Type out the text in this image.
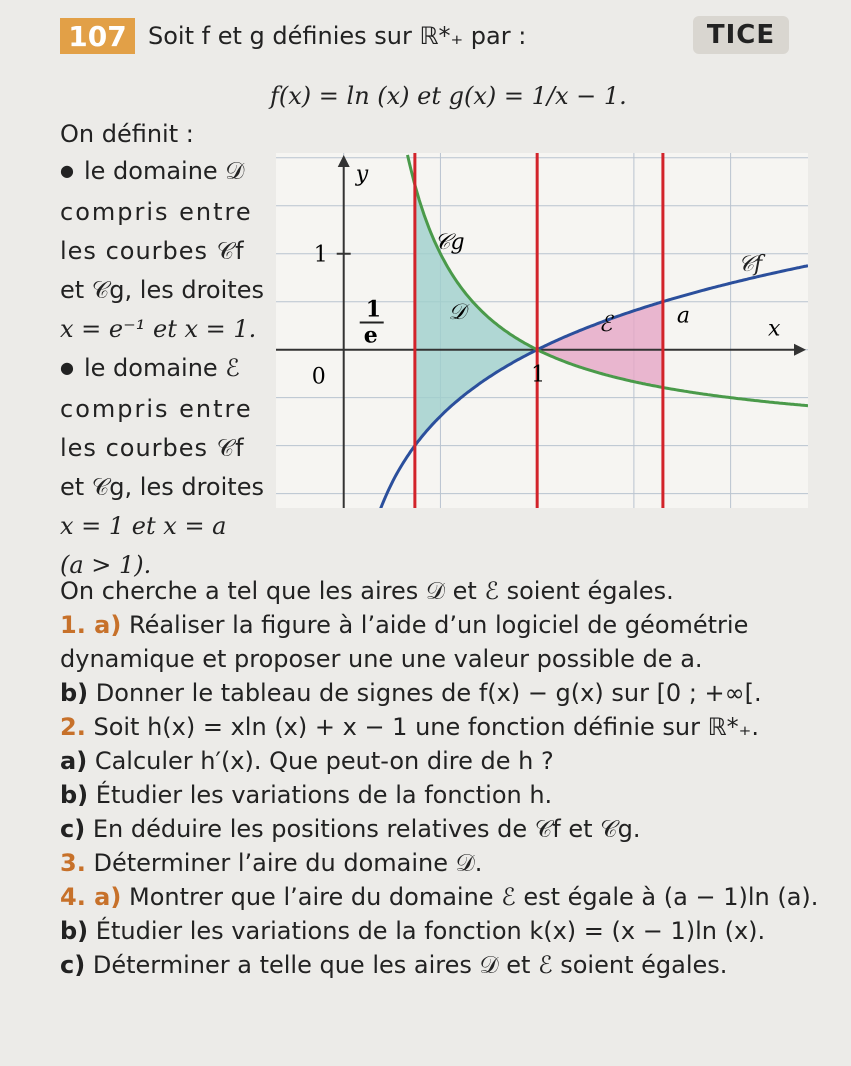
107 Soit f et g définies sur ℝ*₊ par :	TICE
f(x) = ln (x) et g(x) = 1/x − 1.
On définit :
● le domaine 𝒟
compris entre
les courbes 𝒞f
et 𝒞g, les droites
x = e⁻¹ et x = 1.
● le domaine ℰ
compris entre
les courbes 𝒞f
et 𝒞g, les droites
x = 1 et x = a
(a > 1).
y
x
1
1
0
1
e
𝒞f
𝒞g
𝒟	ℰ	a
On cherche a tel que les aires 𝒟 et ℰ soient égales.
1. a) Réaliser la figure à l’aide d’un logiciel de géométrie
dynamique et proposer une une valeur possible de a.
b) Donner le tableau de signes de f(x) − g(x) sur [0 ; +∞[.
2. Soit h(x) = xln (x) + x − 1 une fonction définie sur ℝ*₊.
a) Calculer h′(x). Que peut-on dire de h ?
b) Étudier les variations de la fonction h.
c) En déduire les positions relatives de 𝒞f et 𝒞g.
3. Déterminer l’aire du domaine 𝒟.
4. a) Montrer que l’aire du domaine ℰ est égale à (a − 1)ln (a).
b) Étudier les variations de la fonction k(x) = (x − 1)ln (x).
c) Déterminer a telle que les aires 𝒟 et ℰ soient égales.
